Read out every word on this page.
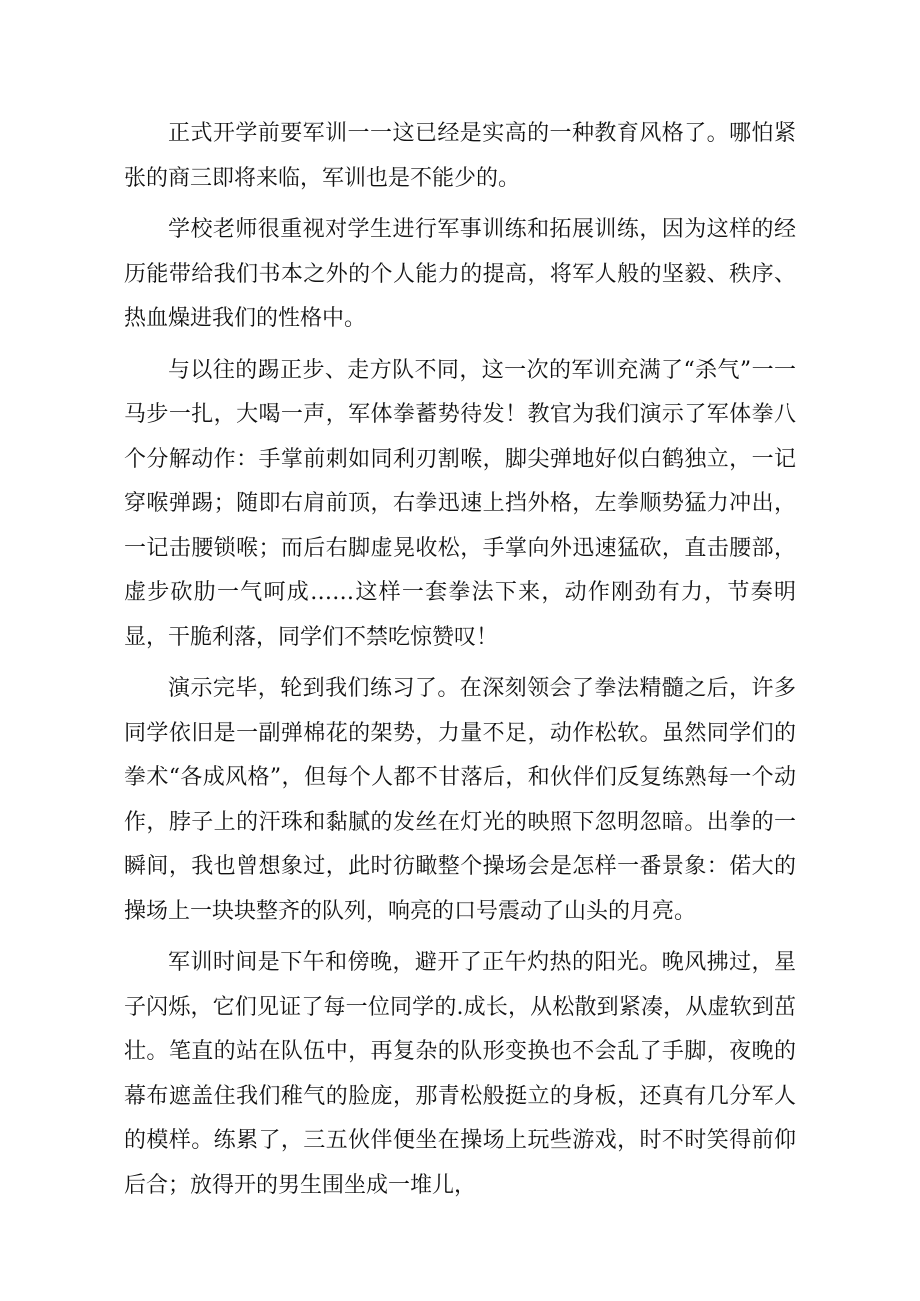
正式开学前要军训一一这已经是实高的一种教育风格了。哪怕紧张的商三即将来临，军训也是不能少的。

学校老师很重视对学生进行军事训练和拓展训练，因为这样的经历能带给我们书本之外的个人能力的提高，将军人般的坚毅、秩序、热血燥进我们的性格中。

与以往的踢正步、走方队不同，这一次的军训充满了“杀气”一一马步一扎，大喝一声，军体拳蓄势待发！教官为我们演示了军体拳八个分解动作：手掌前刺如同利刃割喉，脚尖弹地好似白鹤独立，一记穿喉弹踢；随即右肩前顶，右拳迅速上挡外格，左拳顺势猛力冲出，一记击腰锁喉；而后右脚虚晃收松，手掌向外迅速猛砍，直击腰部，虚步砍肋一气呵成……这样一套拳法下来，动作刚劲有力，节奏明显，干脆利落，同学们不禁吃惊赞叹！

演示完毕，轮到我们练习了。在深刻领会了拳法精髓之后，许多同学依旧是一副弹棉花的架势，力量不足，动作松软。虽然同学们的拳术“各成风格”，但每个人都不甘落后，和伙伴们反复练熟每一个动作，脖子上的汗珠和黏腻的发丝在灯光的映照下忽明忽暗。出拳的一瞬间，我也曾想象过，此时彷瞰整个操场会是怎样一番景象：偌大的操场上一块块整齐的队列，响亮的口号震动了山头的月亮。

军训时间是下午和傍晚，避开了正午灼热的阳光。晚风拂过，星子闪烁，它们见证了每一位同学的.成长，从松散到紧凑，从虚软到茁壮。笔直的站在队伍中，再复杂的队形变换也不会乱了手脚，夜晚的幕布遮盖住我们稚气的脸庞，那青松般挺立的身板，还真有几分军人的模样。练累了，三五伙伴便坐在操场上玩些游戏，时不时笑得前仰后合；放得开的男生围坐成一堆儿，
